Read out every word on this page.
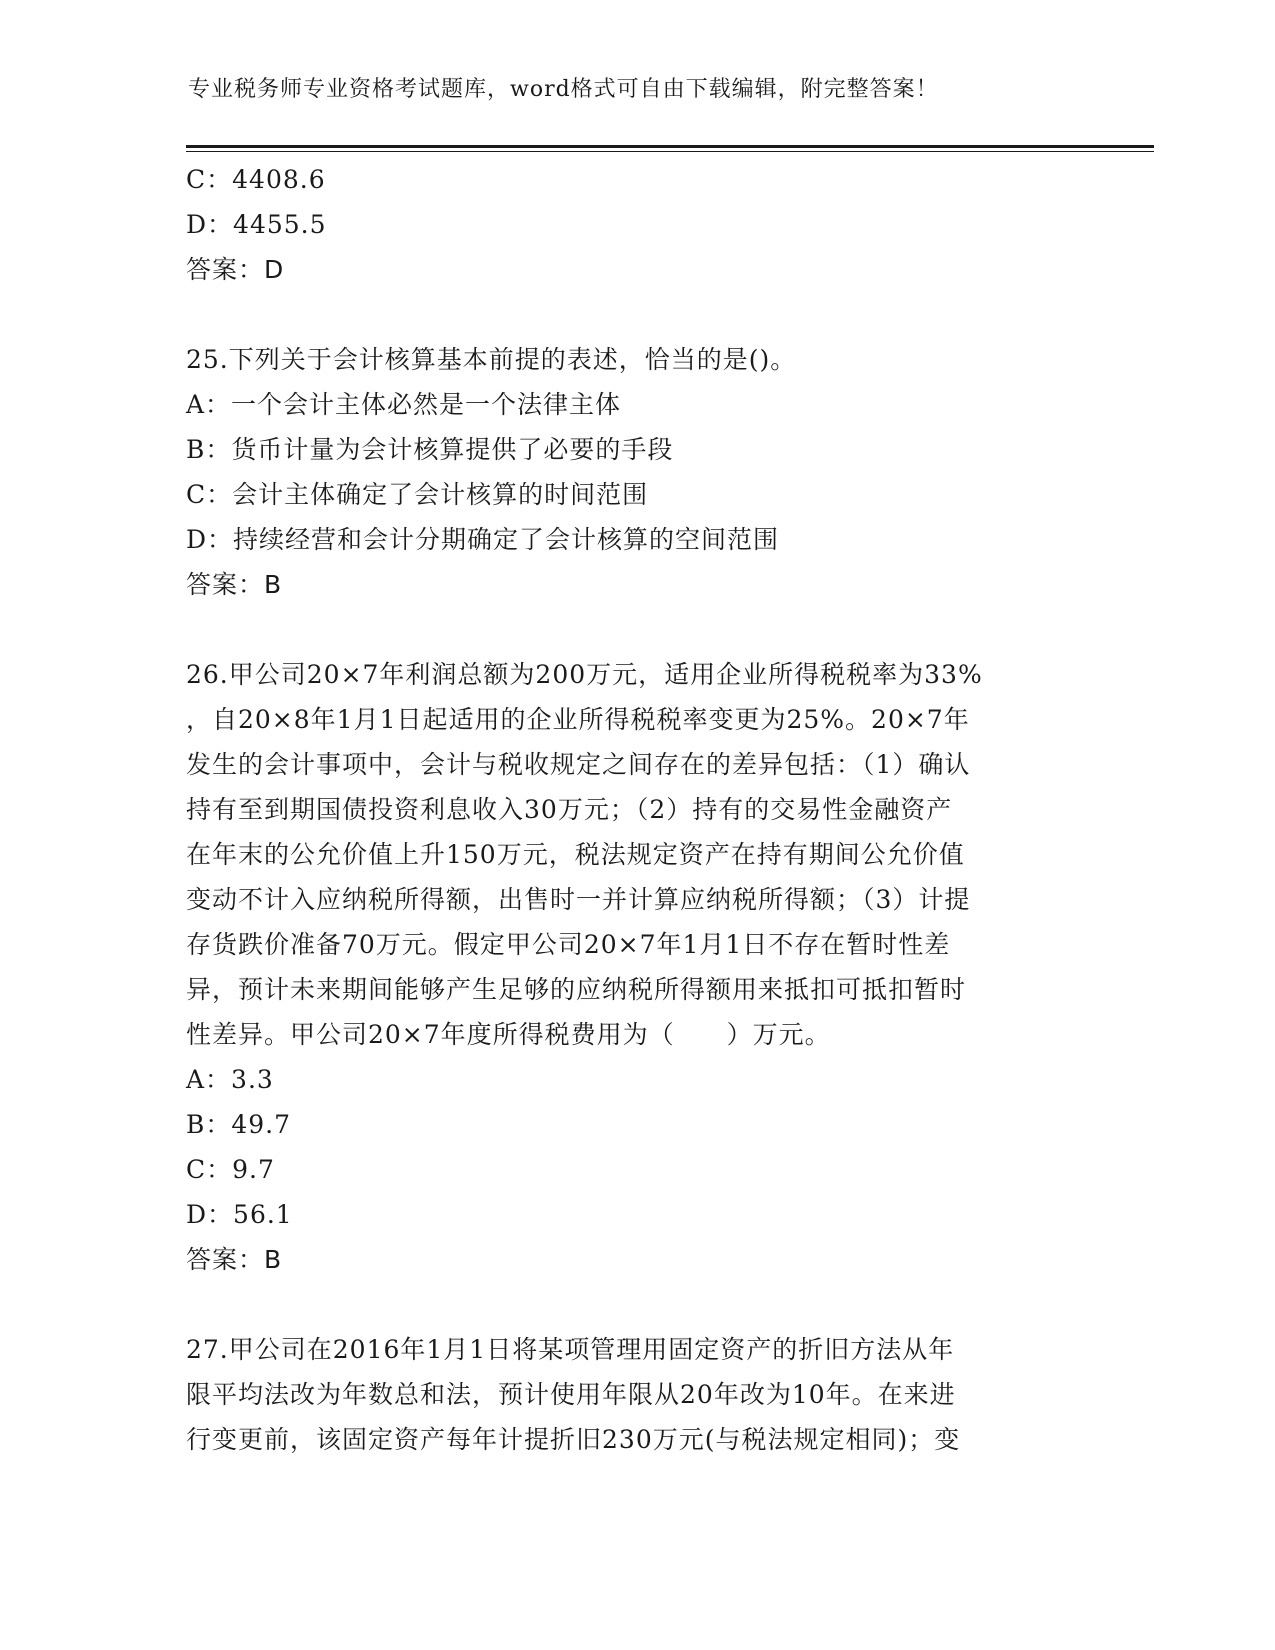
专业税务师专业资格考试题库，word格式可自由下载编辑，附完整答案！
C：4408.6
D：4455.5
答案：D
25.下列关于会计核算基本前提的表述，恰当的是()。
A：一个会计主体必然是一个法律主体
B：货币计量为会计核算提供了必要的手段
C：会计主体确定了会计核算的时间范围
D：持续经营和会计分期确定了会计核算的空间范围
答案：B
26.甲公司20×7年利润总额为200万元，适用企业所得税税率为33%
，自20×8年1月1日起适用的企业所得税税率变更为25%。20×7年
发生的会计事项中，会计与税收规定之间存在的差异包括：（1）确认
持有至到期国债投资利息收入30万元；（2）持有的交易性金融资产
在年末的公允价值上升150万元，税法规定资产在持有期间公允价值
变动不计入应纳税所得额，出售时一并计算应纳税所得额；（3）计提
存货跌价准备70万元。假定甲公司20×7年1月1日不存在暂时性差
异，预计未来期间能够产生足够的应纳税所得额用来抵扣可抵扣暂时
性差异。甲公司20×7年度所得税费用为（　　）万元。
A：3.3
B：49.7
C：9.7
D：56.1
答案：B
27.甲公司在2016年1月1日将某项管理用固定资产的折旧方法从年
限平均法改为年数总和法，预计使用年限从20年改为10年。在来进
行变更前，该固定资产每年计提折旧230万元(与税法规定相同)；变
